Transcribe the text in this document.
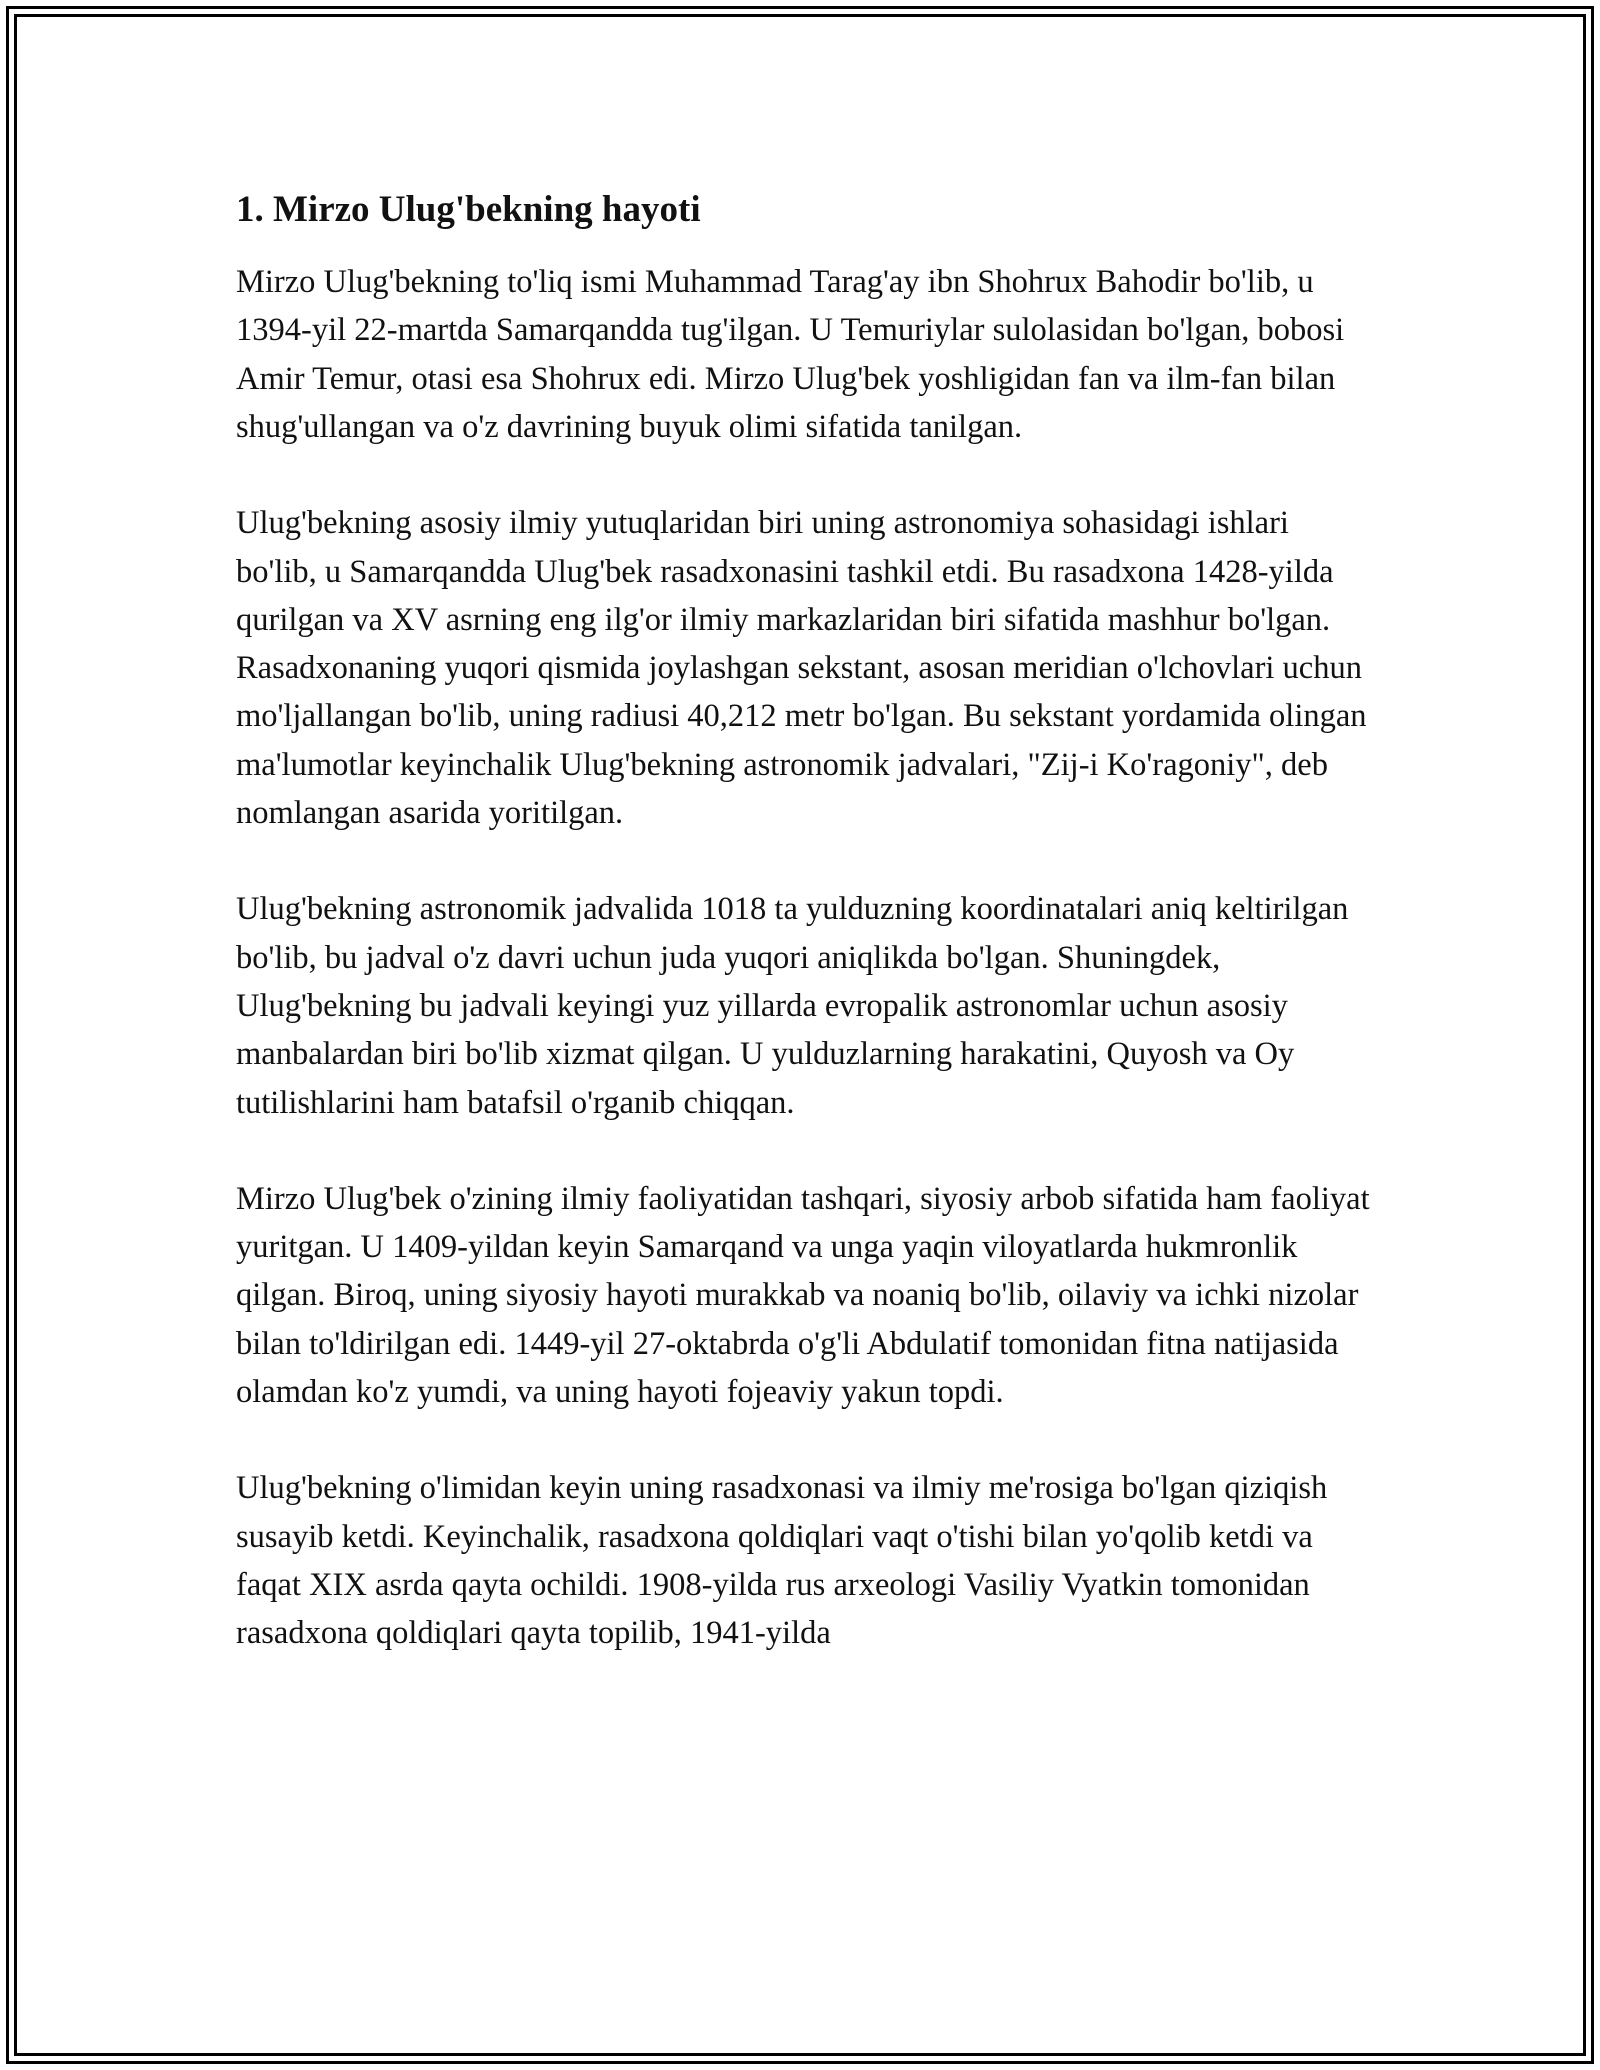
1. Mirzo Ulug'bekning hayoti

Mirzo Ulug'bekning to'liq ismi Muhammad Tarag'ay ibn Shohrux Bahodir bo'lib, u 1394-yil 22-martda Samarqandda tug'ilgan. U Temuriylar sulolasidan bo'lgan, bobosi Amir Temur, otasi esa Shohrux edi. Mirzo Ulug'bek yoshligidan fan va ilm-fan bilan shug'ullangan va o'z davrining buyuk olimi sifatida tanilgan.

Ulug'bekning asosiy ilmiy yutuqlaridan biri uning astronomiya sohasidagi ishlari bo'lib, u Samarqandda Ulug'bek rasadxonasini tashkil etdi. Bu rasadxona 1428-yilda qurilgan va XV asrning eng ilg'or ilmiy markazlaridan biri sifatida mashhur bo'lgan. Rasadxonaning yuqori qismida joylashgan sekstant, asosan meridian o'lchovlari uchun mo'ljallangan bo'lib, uning radiusi 40,212 metr bo'lgan. Bu sekstant yordamida olingan ma'lumotlar keyinchalik Ulug'bekning astronomik jadvalari, "Zij-i Ko'ragoniy", deb nomlangan asarida yoritilgan.

Ulug'bekning astronomik jadvalida 1018 ta yulduzning koordinatalari aniq keltirilgan bo'lib, bu jadval o'z davri uchun juda yuqori aniqlikda bo'lgan. Shuningdek, Ulug'bekning bu jadvali keyingi yuz yillarda evropalik astronomlar uchun asosiy manbalardan biri bo'lib xizmat qilgan. U yulduzlarning harakatini, Quyosh va Oy tutilishlarini ham batafsil o'rganib chiqqan.

Mirzo Ulug'bek o'zining ilmiy faoliyatidan tashqari, siyosiy arbob sifatida ham faoliyat yuritgan. U 1409-yildan keyin Samarqand va unga yaqin viloyatlarda hukmronlik qilgan. Biroq, uning siyosiy hayoti murakkab va noaniq bo'lib, oilaviy va ichki nizolar bilan to'ldirilgan edi. 1449-yil 27-oktabrda o'g'li Abdulatif tomonidan fitna natijasida olamdan ko'z yumdi, va uning hayoti fojeaviy yakun topdi.

Ulug'bekning o'limidan keyin uning rasadxonasi va ilmiy me'rosiga bo'lgan qiziqish susayib ketdi. Keyinchalik, rasadxona qoldiqlari vaqt o'tishi bilan yo'qolib ketdi va faqat XIX asrda qayta ochildi. 1908-yilda rus arxeologi Vasiliy Vyatkin tomonidan rasadxona qoldiqlari qayta topilib, 1941-yilda
